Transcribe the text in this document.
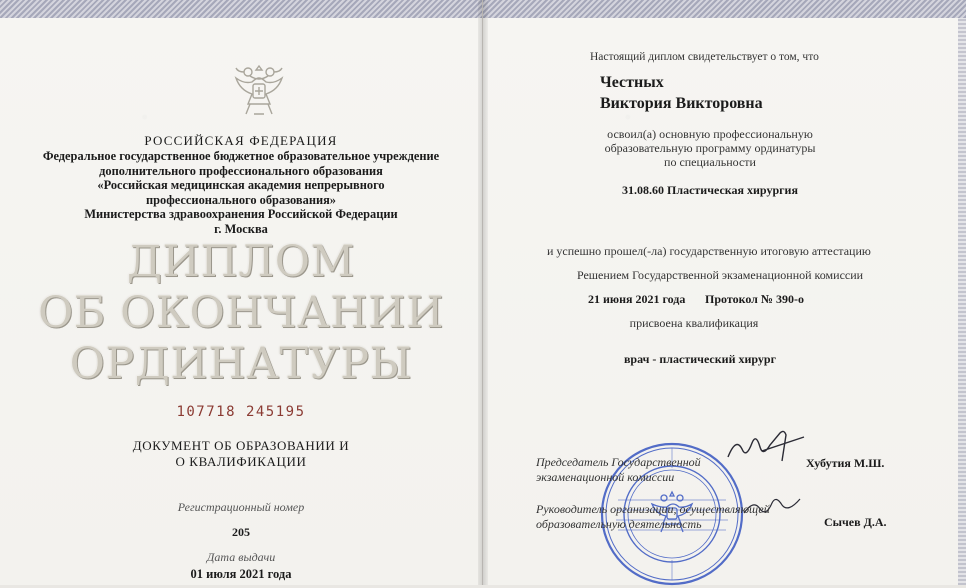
РОССИЙСКАЯ ФЕДЕРАЦИЯ
Федеральное государственное бюджетное образовательное учреждение
дополнительного профессионального образования
«Российская медицинская академия непрерывного
профессионального образования»
Министерства здравоохранения Российской Федерации
г. Москва
ДИПЛОМ
ОБ ОКОНЧАНИИ
ОРДИНАТУРЫ
107718 245195
ДОКУМЕНТ ОБ ОБРАЗОВАНИИ И
О КВАЛИФИКАЦИИ
Регистрационный номер
205
Дата выдачи
01 июля 2021 года
Настоящий диплом свидетельствует о том, что
Честных
Виктория Викторовна
освоил(а) основную профессиональную
образовательную программу ординатуры
по специальности
31.08.60 Пластическая хирургия
и успешно прошел(-ла) государственную итоговую аттестацию
Решением Государственной экзаменационной комиссии
21 июня 2021 года Протокол № 390-о
присвоена квалификация
врач - пластический хирург
Председатель Государственной
экзаменационной комиссии
Хубутия М.Ш.
Руководитель организации, осуществляющей
образовательную деятельность	Сычев Д.А.
